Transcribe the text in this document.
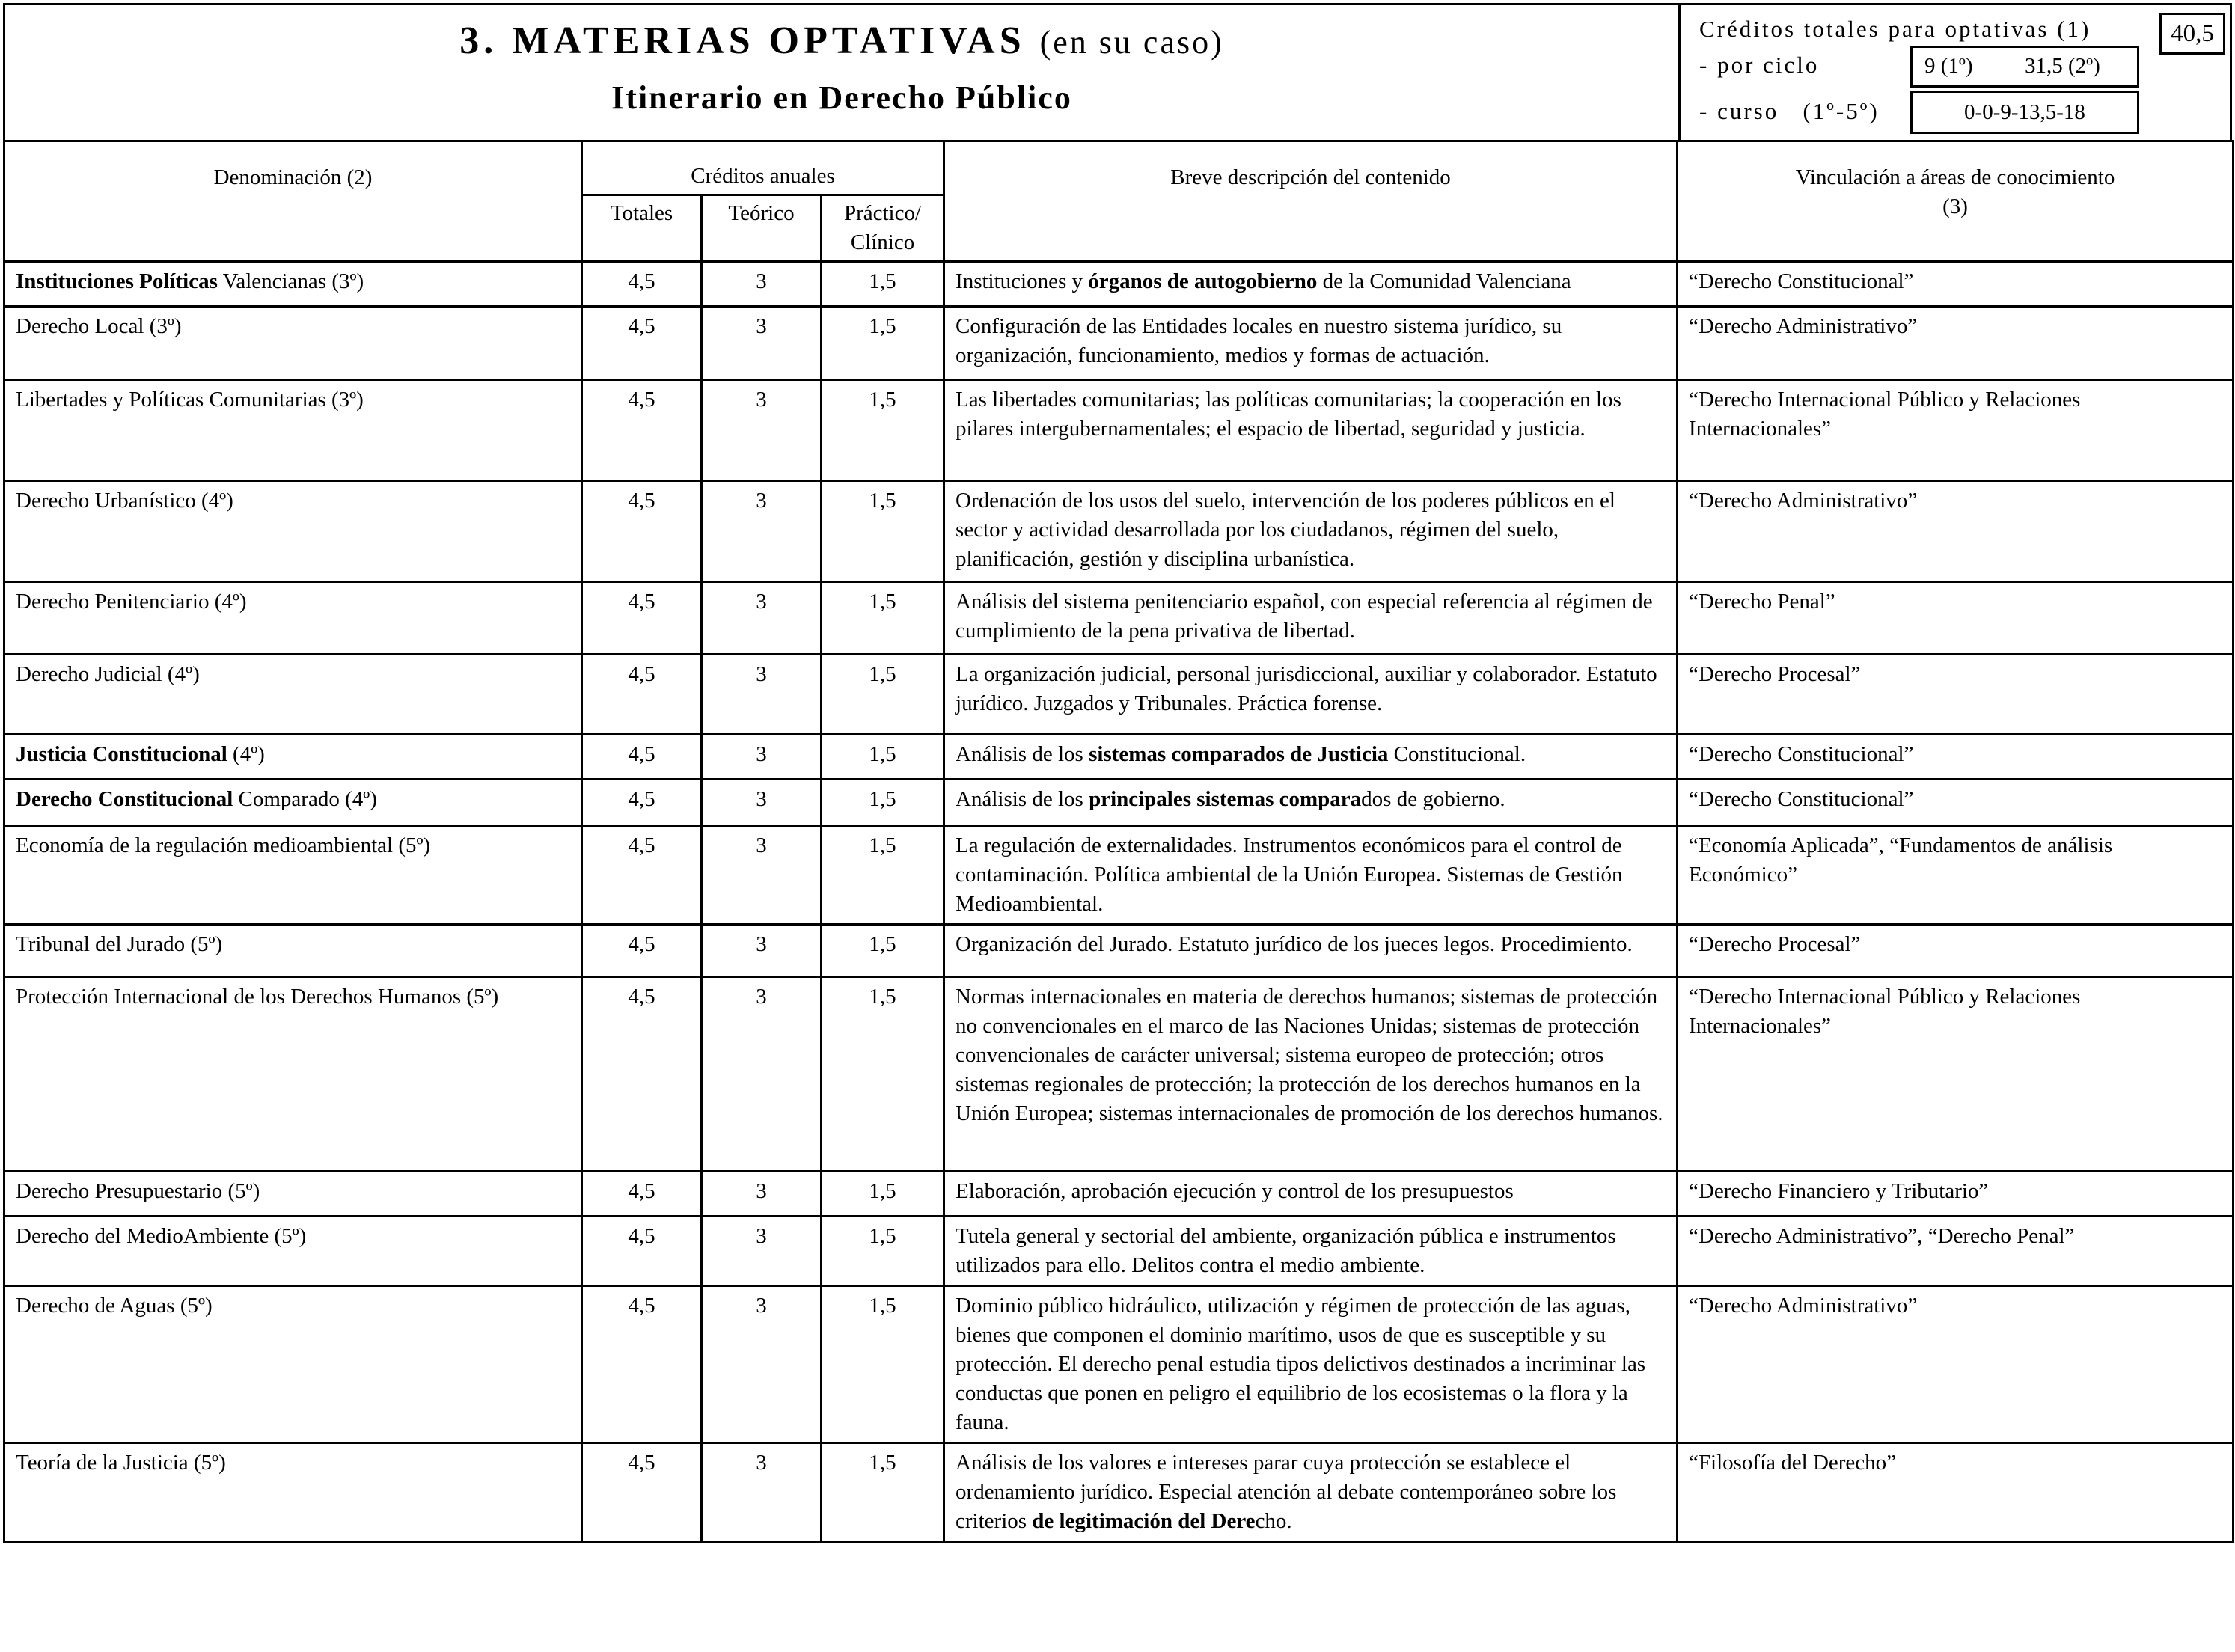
3. MATERIAS OPTATIVAS (en su caso)
Itinerario en Derecho Público
Créditos totales para optativas (1)	40,5
- por ciclo	9 (1º) 31,5 (2º)
- curso   (1º-5º)	0-0-9-13,5-18
Denominación (2)	Créditos anuales			Breve descripción del contenido	Vinculación a áreas de conocimiento
(3)
	Totales	Teórico	Práctico/
Clínico		
Instituciones Políticas Valencianas (3º)	4,5	3	1,5	Instituciones y órganos de autogobierno de la Comunidad Valenciana	“Derecho Constitucional”
Derecho Local (3º)	4,5	3	1,5	Configuración de las Entidades locales en nuestro sistema jurídico, su organización, funcionamiento, medios y formas de actuación.	“Derecho Administrativo”
Libertades y Políticas Comunitarias (3º)	4,5	3	1,5	Las libertades comunitarias; las políticas comunitarias; la cooperación en los pilares intergubernamentales; el espacio de libertad, seguridad y justicia.	“Derecho Internacional Público y Relaciones Internacionales”
Derecho Urbanístico (4º)	4,5	3	1,5	Ordenación de los usos del suelo, intervención de los poderes públicos en el sector y actividad desarrollada por los ciudadanos, régimen del suelo, planificación, gestión y disciplina urbanística.	“Derecho Administrativo”
Derecho Penitenciario (4º)	4,5	3	1,5	Análisis del sistema penitenciario español, con especial referencia al régimen de cumplimiento de la pena privativa de libertad.	“Derecho Penal”
Derecho Judicial (4º)	4,5	3	1,5	La organización judicial, personal jurisdiccional, auxiliar y colaborador. Estatuto jurídico. Juzgados y Tribunales. Práctica forense.	“Derecho Procesal”
Justicia Constitucional (4º)	4,5	3	1,5	Análisis de los sistemas comparados de Justicia Constitucional.	“Derecho Constitucional”
Derecho Constitucional Comparado (4º)	4,5	3	1,5	Análisis de los principales sistemas comparados de gobierno.	“Derecho Constitucional”
Economía de la regulación medioambiental (5º)	4,5	3	1,5	La regulación de externalidades. Instrumentos económicos para el control de contaminación. Política ambiental de la Unión Europea. Sistemas de Gestión Medioambiental.	“Economía Aplicada”, “Fundamentos de análisis Económico”
Tribunal del Jurado (5º)	4,5	3	1,5	Organización del Jurado. Estatuto jurídico de los jueces legos. Procedimiento.	“Derecho Procesal”
Protección Internacional de los Derechos Humanos (5º)	4,5	3	1,5	Normas internacionales en materia de derechos humanos; sistemas de protección no convencionales en el marco de las Naciones Unidas; sistemas de protección convencionales de carácter universal; sistema europeo de protección; otros sistemas regionales de protección; la protección de los derechos humanos en la Unión Europea; sistemas internacionales de promoción de los derechos humanos.	“Derecho Internacional Público y Relaciones Internacionales”
Derecho Presupuestario (5º)	4,5	3	1,5	Elaboración, aprobación ejecución y control de los presupuestos	“Derecho Financiero y Tributario”
Derecho del MedioAmbiente (5º)	4,5	3	1,5	Tutela general y sectorial del ambiente, organización pública e instrumentos utilizados para ello. Delitos contra el medio ambiente.	“Derecho Administrativo”, “Derecho Penal”
Derecho de Aguas (5º)	4,5	3	1,5	Dominio público hidráulico, utilización y régimen de protección de las aguas, bienes que componen el dominio marítimo, usos de que es susceptible y su protección. El derecho penal estudia tipos delictivos destinados a incriminar las conductas que ponen en peligro el equilibrio de los ecosistemas o la flora y la fauna.	“Derecho Administrativo”
Teoría de la Justicia (5º)	4,5	3	1,5	Análisis de los valores e intereses parar cuya protección se establece el ordenamiento jurídico. Especial atención al debate contemporáneo sobre los criterios de legitimación del Derecho.	“Filosofía del Derecho”
